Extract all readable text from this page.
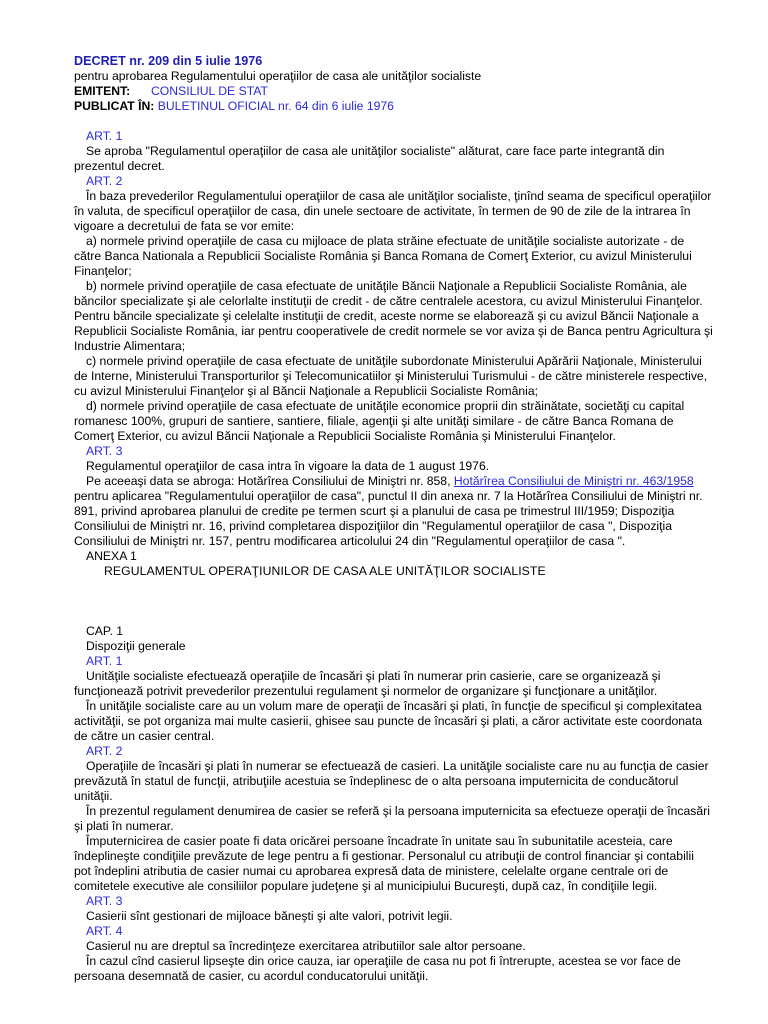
DECRET nr. 209 din 5 iulie 1976
pentru aprobarea Regulamentului operaţiilor de casa ale unităţilor socialiste
EMITENT: CONSILIUL DE STAT
PUBLICAT ÎN: BULETINUL OFICIAL nr. 64 din 6 iulie 1976
ART. 1
Se aproba "Regulamentul operaţiilor de casa ale unităţilor socialiste" alăturat, care face parte integrantă din prezentul decret.
ART. 2
În baza prevederilor Regulamentului operaţiilor de casa ale unităţilor socialiste, ţinînd seama de specificul operaţiilor în valuta, de specificul operaţiilor de casa, din unele sectoare de activitate, în termen de 90 de zile de la intrarea în vigoare a decretului de fata se vor emite:
a) normele privind operaţiile de casa cu mijloace de plata străine efectuate de unităţile socialiste autorizate - de către Banca Nationala a Republicii Socialiste România şi Banca Romana de Comerţ Exterior, cu avizul Ministerului Finanţelor;
b) normele privind operaţiile de casa efectuate de unităţile Băncii Naţionale a Republicii Socialiste România, ale băncilor specializate şi ale celorlalte instituţii de credit - de către centralele acestora, cu avizul Ministerului Finanţelor. Pentru băncile specializate şi celelalte instituţii de credit, aceste norme se elaborează şi cu avizul Băncii Naţionale a Republicii Socialiste România, iar pentru cooperativele de credit normele se vor aviza şi de Banca pentru Agricultura şi Industrie Alimentara;
c) normele privind operaţiile de casa efectuate de unităţile subordonate Ministerului Apărării Naţionale, Ministerului de Interne, Ministerului Transporturilor şi Telecomunicatiilor şi Ministerului Turismului - de către ministerele respective, cu avizul Ministerului Finanţelor şi al Băncii Naţionale a Republicii Socialiste România;
d) normele privind operaţiile de casa efectuate de unităţile economice proprii din străinătate, societăţi cu capital romanesc 100%, grupuri de santiere, santiere, filiale, agenţii şi alte unităţi similare - de către Banca Romana de Comerţ Exterior, cu avizul Băncii Naţionale a Republicii Socialiste România şi Ministerului Finanţelor.
ART. 3
Regulamentul operaţiilor de casa intra în vigoare la data de 1 august 1976.
Pe aceeaşi data se abroga: Hotărîrea Consiliului de Miniştri nr. 858, Hotărîrea Consiliului de Miniştri nr. 463/1958 pentru aplicarea "Regulamentului operaţiilor de casa", punctul II din anexa nr. 7 la Hotărîrea Consiliului de Miniştri nr. 891, privind aprobarea planului de credite pe termen scurt şi a planului de casa pe trimestrul III/1959; Dispoziţia Consiliului de Miniştri nr. 16, privind completarea dispoziţiilor din "Regulamentul operaţiilor de casa ", Dispoziţia Consiliului de Miniştri nr. 157, pentru modificarea articolului 24 din "Regulamentul operaţiilor de casa ".
ANEXA 1
REGULAMENTUL OPERAŢIUNILOR DE CASA ALE UNITĂŢILOR SOCIALISTE
CAP. 1
Dispoziţii generale
ART. 1
Unităţile socialiste efectuează operaţiile de încasări şi plati în numerar prin casierie, care se organizează şi funcţionează potrivit prevederilor prezentului regulament şi normelor de organizare şi funcţionare a unităţilor.
În unităţile socialiste care au un volum mare de operaţii de încasări şi plati, în funcţie de specificul şi complexitatea activităţii, se pot organiza mai multe casierii, ghisee sau puncte de încasări şi plati, a căror activitate este coordonata de către un casier central.
ART. 2
Operaţiile de încasări şi plati în numerar se efectuează de casieri. La unităţile socialiste care nu au funcţia de casier prevăzută în statul de funcţii, atribuţiile acestuia se îndeplinesc de o alta persoana imputernicita de conducătorul unităţii.
În prezentul regulament denumirea de casier se referă şi la persoana imputernicita sa efectueze operaţii de încasări şi plati în numerar.
Împuternicirea de casier poate fi data oricărei persoane încadrate în unitate sau în subunitatile acesteia, care îndeplineşte condiţiile prevăzute de lege pentru a fi gestionar. Personalul cu atribuţii de control financiar şi contabilii pot îndeplini atributia de casier numai cu aprobarea expresă data de ministere, celelalte organe centrale ori de comitetele executive ale consiliilor populare judeţene şi al municipiului Bucureşti, după caz, în condiţiile legii.
ART. 3
Casierii sînt gestionari de mijloace băneşti şi alte valori, potrivit legii.
ART. 4
Casierul nu are dreptul sa încredinţeze exercitarea atributiilor sale altor persoane.
În cazul cînd casierul lipseşte din orice cauza, iar operaţiile de casa nu pot fi întrerupte, acestea se vor face de persoana desemnată de casier, cu acordul conducatorului unităţii.
